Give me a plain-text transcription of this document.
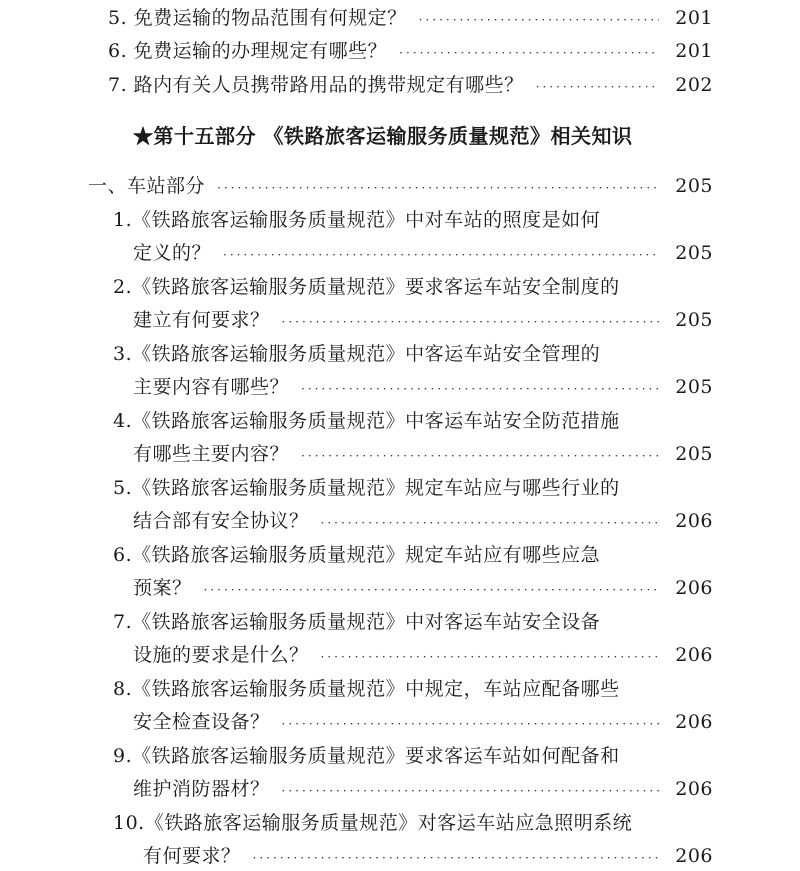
5. 免费运输的物品范围有何规定？ ·····	201
6. 免费运输的办理规定有哪些？ ·····	201
7. 路内有关人员携带路用品的携带规定有哪些？ ·····	202
★第十五部分 《铁路旅客运输服务质量规范》相关知识
一、车站部分 ·····	205
1.《铁路旅客运输服务质量规范》中对车站的照度是如何
定义的？ ·····	205
2.《铁路旅客运输服务质量规范》要求客运车站安全制度的
建立有何要求？ ·····	205
3.《铁路旅客运输服务质量规范》中客运车站安全管理的
主要内容有哪些？ ·····	205
4.《铁路旅客运输服务质量规范》中客运车站安全防范措施
有哪些主要内容？ ·····	205
5.《铁路旅客运输服务质量规范》规定车站应与哪些行业的
结合部有安全协议？ ·····	206
6.《铁路旅客运输服务质量规范》规定车站应有哪些应急
预案？ ·····	206
7.《铁路旅客运输服务质量规范》中对客运车站安全设备
设施的要求是什么？ ·····	206
8.《铁路旅客运输服务质量规范》中规定，车站应配备哪些
安全检查设备？ ·····	206
9.《铁路旅客运输服务质量规范》要求客运车站如何配备和
维护消防器材？ ·····	206
10.《铁路旅客运输服务质量规范》对客运车站应急照明系统
有何要求？ ·····	206
